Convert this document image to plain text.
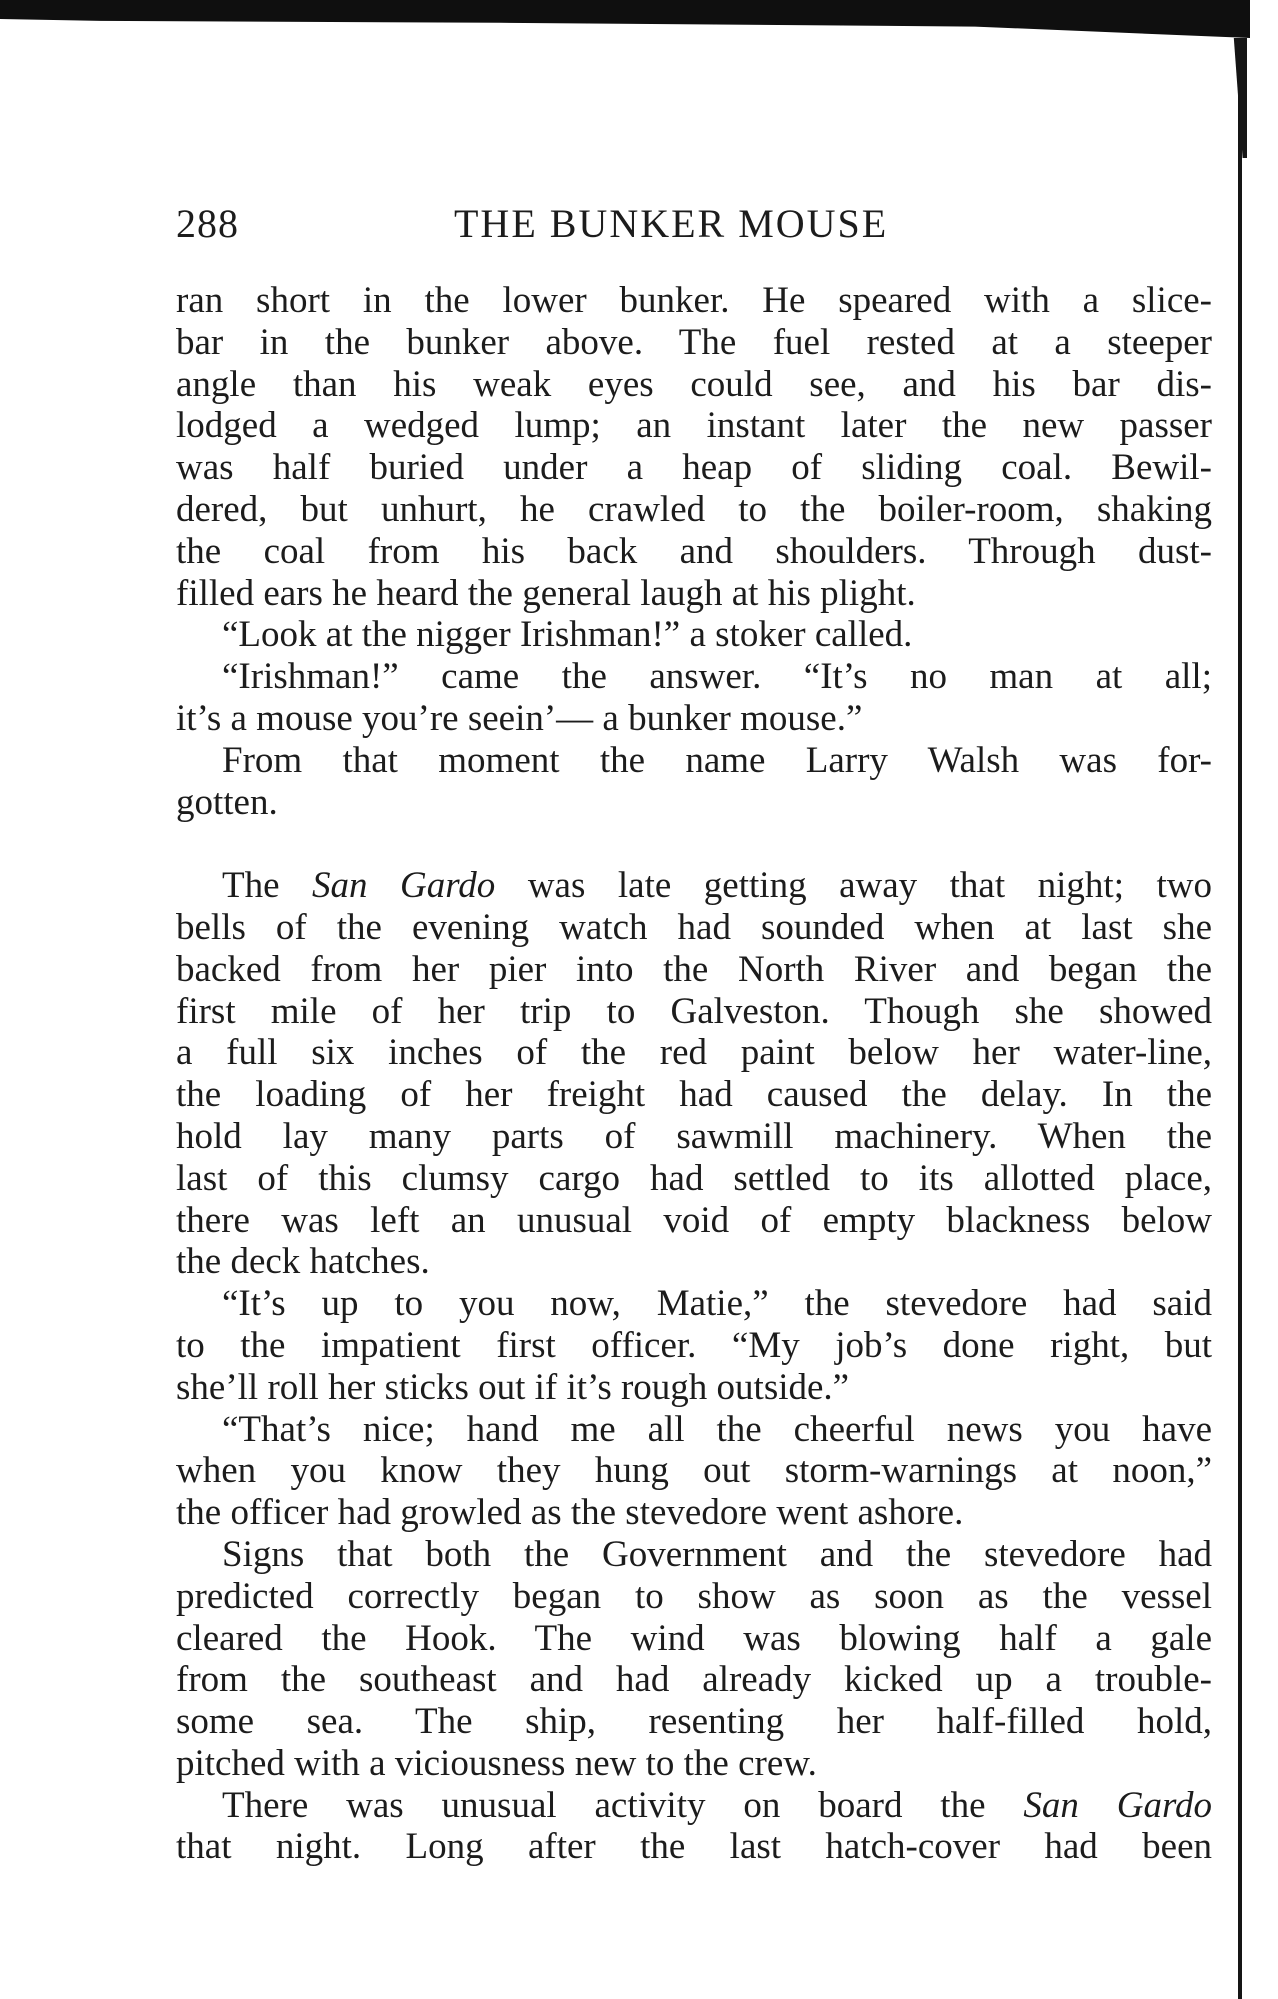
288	THE BUNKER MOUSE
ran short in the lower bunker. He speared with a slice-
bar in the bunker above. The fuel rested at a steeper
angle than his weak eyes could see, and his bar dis-
lodged a wedged lump; an instant later the new passer
was half buried under a heap of sliding coal. Bewil-
dered, but unhurt, he crawled to the boiler-room, shaking
the coal from his back and shoulders. Through dust-
filled ears he heard the general laugh at his plight.
“Look at the nigger Irishman!” a stoker called.
“Irishman!” came the answer. “It’s no man at all;
it’s a mouse you’re seein’— a bunker mouse.”
From that moment the name Larry Walsh was for-
gotten.
The San Gardo was late getting away that night; two
bells of the evening watch had sounded when at last she
backed from her pier into the North River and began the
first mile of her trip to Galveston. Though she showed
a full six inches of the red paint below her water-line,
the loading of her freight had caused the delay. In the
hold lay many parts of sawmill machinery. When the
last of this clumsy cargo had settled to its allotted place,
there was left an unusual void of empty blackness below
the deck hatches.
“It’s up to you now, Matie,” the stevedore had said
to the impatient first officer. “My job’s done right, but
she’ll roll her sticks out if it’s rough outside.”
“That’s nice; hand me all the cheerful news you have
when you know they hung out storm-warnings at noon,”
the officer had growled as the stevedore went ashore.
Signs that both the Government and the stevedore had
predicted correctly began to show as soon as the vessel
cleared the Hook. The wind was blowing half a gale
from the southeast and had already kicked up a trouble-
some sea. The ship, resenting her half-filled hold,
pitched with a viciousness new to the crew.
There was unusual activity on board the San Gardo
that night. Long after the last hatch-cover had been
